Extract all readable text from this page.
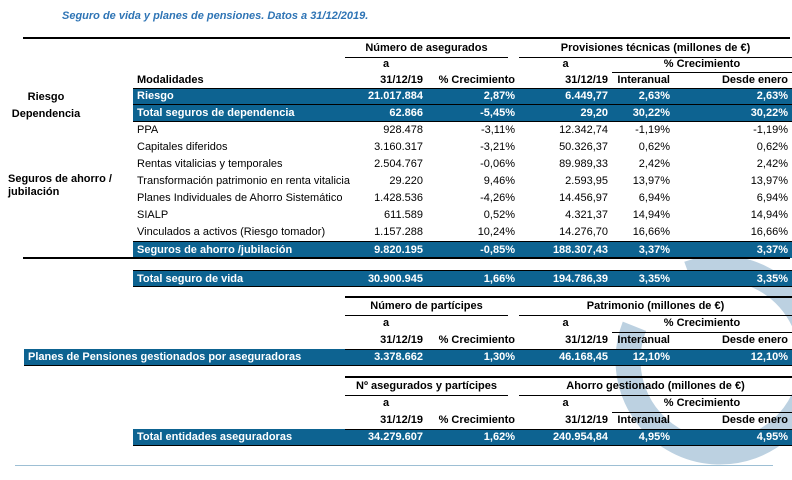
Seguro de vida y planes de pensiones. Datos a 31/12/2019.
Riesgo
Dependencia
Seguros de ahorro / jubilación
Número de asegurados	Provisiones técnicas (millones de €)
a	a	% Crecimiento
Modalidades	31/12/19	% Crecimiento	31/12/19 Interanual	Desde enero
Riesgo	21.017.884	2,87%	6.449,77	2,63%	2,63%
Total seguros de dependencia	62.866	-5,45%	29,20	30,22%	30,22%
PPA	928.478	-3,11%	12.342,74	-1,19%	-1,19%
Capitales diferidos	3.160.317	-3,21%	50.326,37	0,62%	0,62%
Rentas vitalicias y temporales	2.504.767	-0,06%	89.989,33	2,42%	2,42%
Transformación patrimonio en renta vitalicia	29.220	9,46%	2.593,95	13,97%	13,97%
Planes Individuales de Ahorro Sistemático	1.428.536	-4,26%	14.456,97	6,94%	6,94%
SIALP	611.589	0,52%	4.321,37	14,94%	14,94%
Vinculados a activos (Riesgo tomador)	1.157.288	10,24%	14.276,70	16,66%	16,66%
Seguros de ahorro /jubilación	9.820.195	-0,85%	188.307,43	3,37%	3,37%
Total seguro de vida	30.900.945	1,66%	194.786,39	3,35%	3,35%
Número de partícipes	Patrimonio (millones de €)
a	a	% Crecimiento
31/12/19	% Crecimiento	31/12/19 Interanual	Desde enero
Planes de Pensiones gestionados por aseguradoras	3.378.662	1,30%	46.168,45	12,10%	12,10%
Nº asegurados y partícipes	Ahorro gestionado (millones de €)
a	a	% Crecimiento
31/12/19	% Crecimiento	31/12/19 Interanual	Desde enero
Total entidades aseguradoras	34.279.607	1,62%	240.954,84	4,95%	4,95%
